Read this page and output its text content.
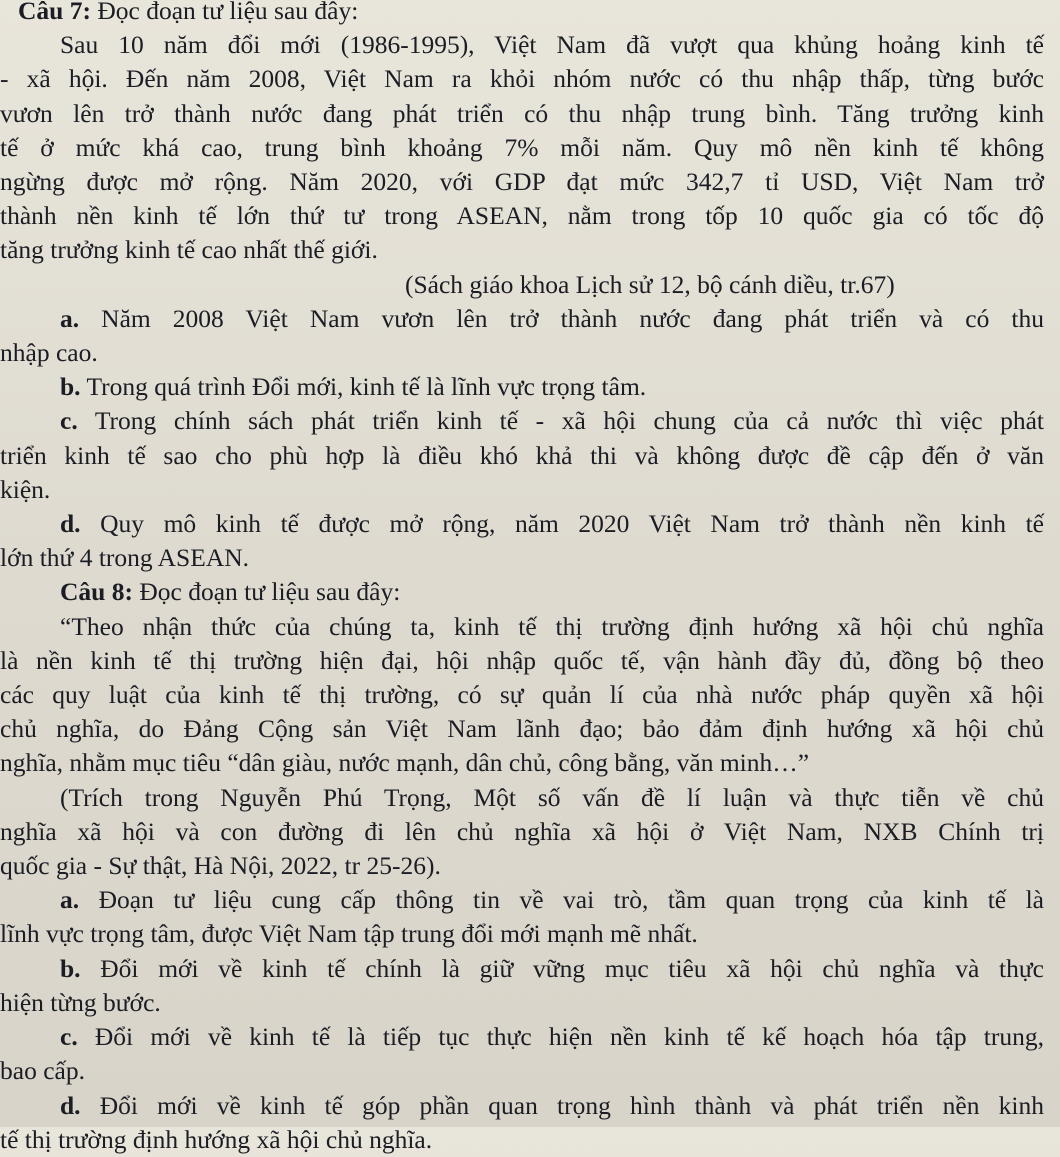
Câu 7: Đọc đoạn tư liệu sau đây:
Sau 10 năm đổi mới (1986-1995), Việt Nam đã vượt qua khủng hoảng kinh tế
- xã hội. Đến năm 2008, Việt Nam ra khỏi nhóm nước có thu nhập thấp, từng bước
vươn lên trở thành nước đang phát triển có thu nhập trung bình. Tăng trưởng kinh
tế ở mức khá cao, trung bình khoảng 7% mỗi năm. Quy mô nền kinh tế không
ngừng được mở rộng. Năm 2020, với GDP đạt mức 342,7 tỉ USD, Việt Nam trở
thành nền kinh tế lớn thứ tư trong ASEAN, nằm trong tốp 10 quốc gia có tốc độ
tăng trưởng kinh tế cao nhất thế giới.
(Sách giáo khoa Lịch sử 12, bộ cánh diều, tr.67)
a. Năm 2008 Việt Nam vươn lên trở thành nước đang phát triển và có thu
nhập cao.
b. Trong quá trình Đổi mới, kinh tế là lĩnh vực trọng tâm.
c. Trong chính sách phát triển kinh tế - xã hội chung của cả nước thì việc phát
triển kinh tế sao cho phù hợp là điều khó khả thi và không được đề cập đến ở văn
kiện.
d. Quy mô kinh tế được mở rộng, năm 2020 Việt Nam trở thành nền kinh tế
lớn thứ 4 trong ASEAN.
Câu 8: Đọc đoạn tư liệu sau đây:
“Theo nhận thức của chúng ta, kinh tế thị trường định hướng xã hội chủ nghĩa
là nền kinh tế thị trường hiện đại, hội nhập quốc tế, vận hành đầy đủ, đồng bộ theo
các quy luật của kinh tế thị trường, có sự quản lí của nhà nước pháp quyền xã hội
chủ nghĩa, do Đảng Cộng sản Việt Nam lãnh đạo; bảo đảm định hướng xã hội chủ
nghĩa, nhằm mục tiêu “dân giàu, nước mạnh, dân chủ, công bằng, văn minh…”
(Trích trong Nguyễn Phú Trọng, Một số vấn đề lí luận và thực tiễn về chủ
nghĩa xã hội và con đường đi lên chủ nghĩa xã hội ở Việt Nam, NXB Chính trị
quốc gia - Sự thật, Hà Nội, 2022, tr 25-26).
a. Đoạn tư liệu cung cấp thông tin về vai trò, tầm quan trọng của kinh tế là
lĩnh vực trọng tâm, được Việt Nam tập trung đổi mới mạnh mẽ nhất.
b. Đổi mới về kinh tế chính là giữ vững mục tiêu xã hội chủ nghĩa và thực
hiện từng bước.
c. Đổi mới về kinh tế là tiếp tục thực hiện nền kinh tế kế hoạch hóa tập trung,
bao cấp.
d. Đổi mới về kinh tế góp phần quan trọng hình thành và phát triển nền kinh
tế thị trường định hướng xã hội chủ nghĩa.
